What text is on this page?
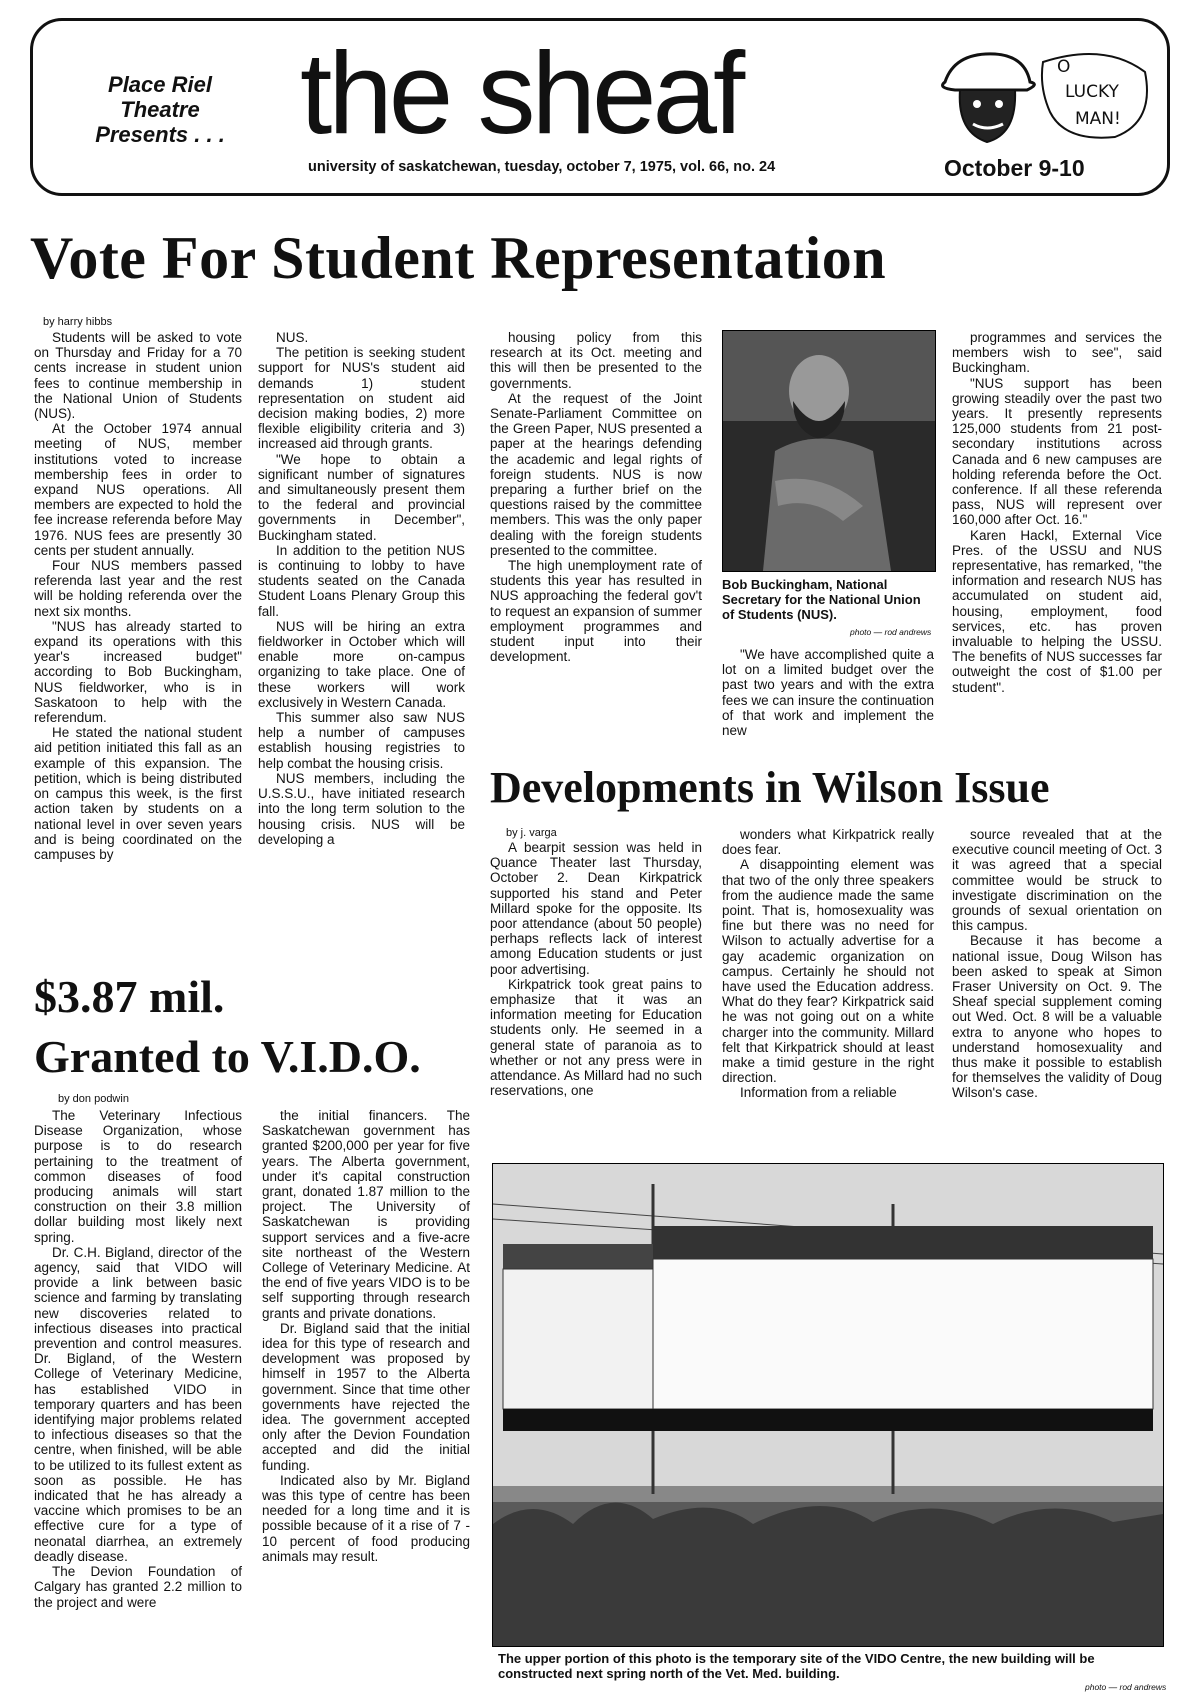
Place Riel
Theatre
Presents . . . the sheaf
university of saskatchewan, tuesday, october 7, 1975, vol. 66, no. 24	October 9-10
O
LUCKY
MAN!
Vote For Student Representation
by harry hibbs

Students will be asked to vote on Thursday and Friday for a 70 cents increase in student union fees to continue membership in the National Union of Students (NUS).

At the October 1974 annual meeting of NUS, member institutions voted to increase membership fees in order to expand NUS operations. All members are expected to hold the fee increase referenda before May 1976. NUS fees are presently 30 cents per student annually.

Four NUS members passed referenda last year and the rest will be holding referenda over the next six months.

"NUS has already started to expand its operations with this year's increased budget" according to Bob Buckingham, NUS fieldworker, who is in Saskatoon to help with the referendum.

He stated the national student aid petition initiated this fall as an example of this expansion. The petition, which is being distributed on campus this week, is the first action taken by students on a national level in over seven years and is being coordinated on the campuses by

NUS.

The petition is seeking student support for NUS's student aid demands 1) student representation on student aid decision making bodies, 2) more flexible eligibility criteria and 3) increased aid through grants.

"We hope to obtain a significant number of signatures and simultaneously present them to the federal and provincial governments in December", Buckingham stated.

In addition to the petition NUS is continuing to lobby to have students seated on the Canada Student Loans Plenary Group this fall.

NUS will be hiring an extra fieldworker in October which will enable more on-campus organizing to take place. One of these workers will work exclusively in Western Canada.

This summer also saw NUS help a number of campuses establish housing registries to help combat the housing crisis.

NUS members, including the U.S.S.U., have initiated research into the long term solution to the housing crisis. NUS will be developing a

housing policy from this research at its Oct. meeting and this will then be presented to the governments.

At the request of the Joint Senate-Parliament Committee on the Green Paper, NUS presented a paper at the hearings defending the academic and legal rights of foreign students. NUS is now preparing a further brief on the questions raised by the committee members. This was the only paper dealing with the foreign students presented to the committee.

The high unemployment rate of students this year has resulted in NUS approaching the federal gov't to request an expansion of summer employment programmes and student input into their development.

Bob Buckingham, National Secretary for the National Union of Students (NUS).
photo — rod andrews

"We have accomplished quite a lot on a limited budget over the past two years and with the extra fees we can insure the continuation of that work and implement the new

programmes and services the members wish to see", said Buckingham.

"NUS support has been growing steadily over the past two years. It presently represents 125,000 students from 21 post-secondary institutions across Canada and 6 new campuses are holding referenda before the Oct. conference. If all these referenda pass, NUS will represent over 160,000 after Oct. 16."

Karen Hackl, External Vice Pres. of the USSU and NUS representative, has remarked, "the information and research NUS has accumulated on student aid, housing, employment, food services, etc. has proven invaluable to helping the USSU. The benefits of NUS successes far outweight the cost of $1.00 per student".

Developments in Wilson Issue
by j. varga

A bearpit session was held in Quance Theater last Thursday, October 2. Dean Kirkpatrick supported his stand and Peter Millard spoke for the opposite. Its poor attendance (about 50 people) perhaps reflects lack of interest among Education students or just poor advertising.

Kirkpatrick took great pains to emphasize that it was an information meeting for Education students only. He seemed in a general state of paranoia as to whether or not any press were in attendance. As Millard had no such reservations, one

wonders what Kirkpatrick really does fear.

A disappointing element was that two of the only three speakers from the audience made the same point. That is, homosexuality was fine but there was no need for Wilson to actually advertise for a gay academic organization on campus. Certainly he should not have used the Education address. What do they fear? Kirkpatrick said he was not going out on a white charger into the community. Millard felt that Kirkpatrick should at least make a timid gesture in the right direction.

Information from a reliable

source revealed that at the executive council meeting of Oct. 3 it was agreed that a special committee would be struck to investigate discrimination on the grounds of sexual orientation on this campus.

Because it has become a national issue, Doug Wilson has been asked to speak at Simon Fraser University on Oct. 9. The Sheaf special supplement coming out Wed. Oct. 8 will be a valuable extra to anyone who hopes to understand homosexuality and thus make it possible to establish for themselves the validity of Doug Wilson's case.

$3.87 mil.
Granted to V.I.D.O.
by don podwin

The Veterinary Infectious Disease Organization, whose purpose is to do research pertaining to the treatment of common diseases of food producing animals will start construction on their 3.8 million dollar building most likely next spring.

Dr. C.H. Bigland, director of the agency, said that VIDO will provide a link between basic science and farming by translating new discoveries related to infectious diseases into practical prevention and control measures. Dr. Bigland, of the Western College of Veterinary Medicine, has established VIDO in temporary quarters and has been identifying major problems related to infectious diseases so that the centre, when finished, will be able to be utilized to its fullest extent as soon as possible. He has indicated that he has already a vaccine which promises to be an effective cure for a type of neonatal diarrhea, an extremely deadly disease.

The Devion Foundation of Calgary has granted 2.2 million to the project and were

the initial financers. The Saskatchewan government has granted $200,000 per year for five years. The Alberta government, under it's capital construction grant, donated 1.87 million to the project. The University of Saskatchewan is providing support services and a five-acre site northeast of the Western College of Veterinary Medicine. At the end of five years VIDO is to be self supporting through research grants and private donations.

Dr. Bigland said that the initial idea for this type of research and development was proposed by himself in 1957 to the Alberta government. Since that time other governments have rejected the idea. The government accepted only after the Devion Foundation accepted and did the initial funding.

Indicated also by Mr. Bigland was this type of centre has been needed for a long time and it is possible because of it a rise of 7 - 10 percent of food producing animals may result.

The upper portion of this photo is the temporary site of the VIDO Centre, the new building will be constructed next spring north of the Vet. Med. building.
photo — rod andrews
